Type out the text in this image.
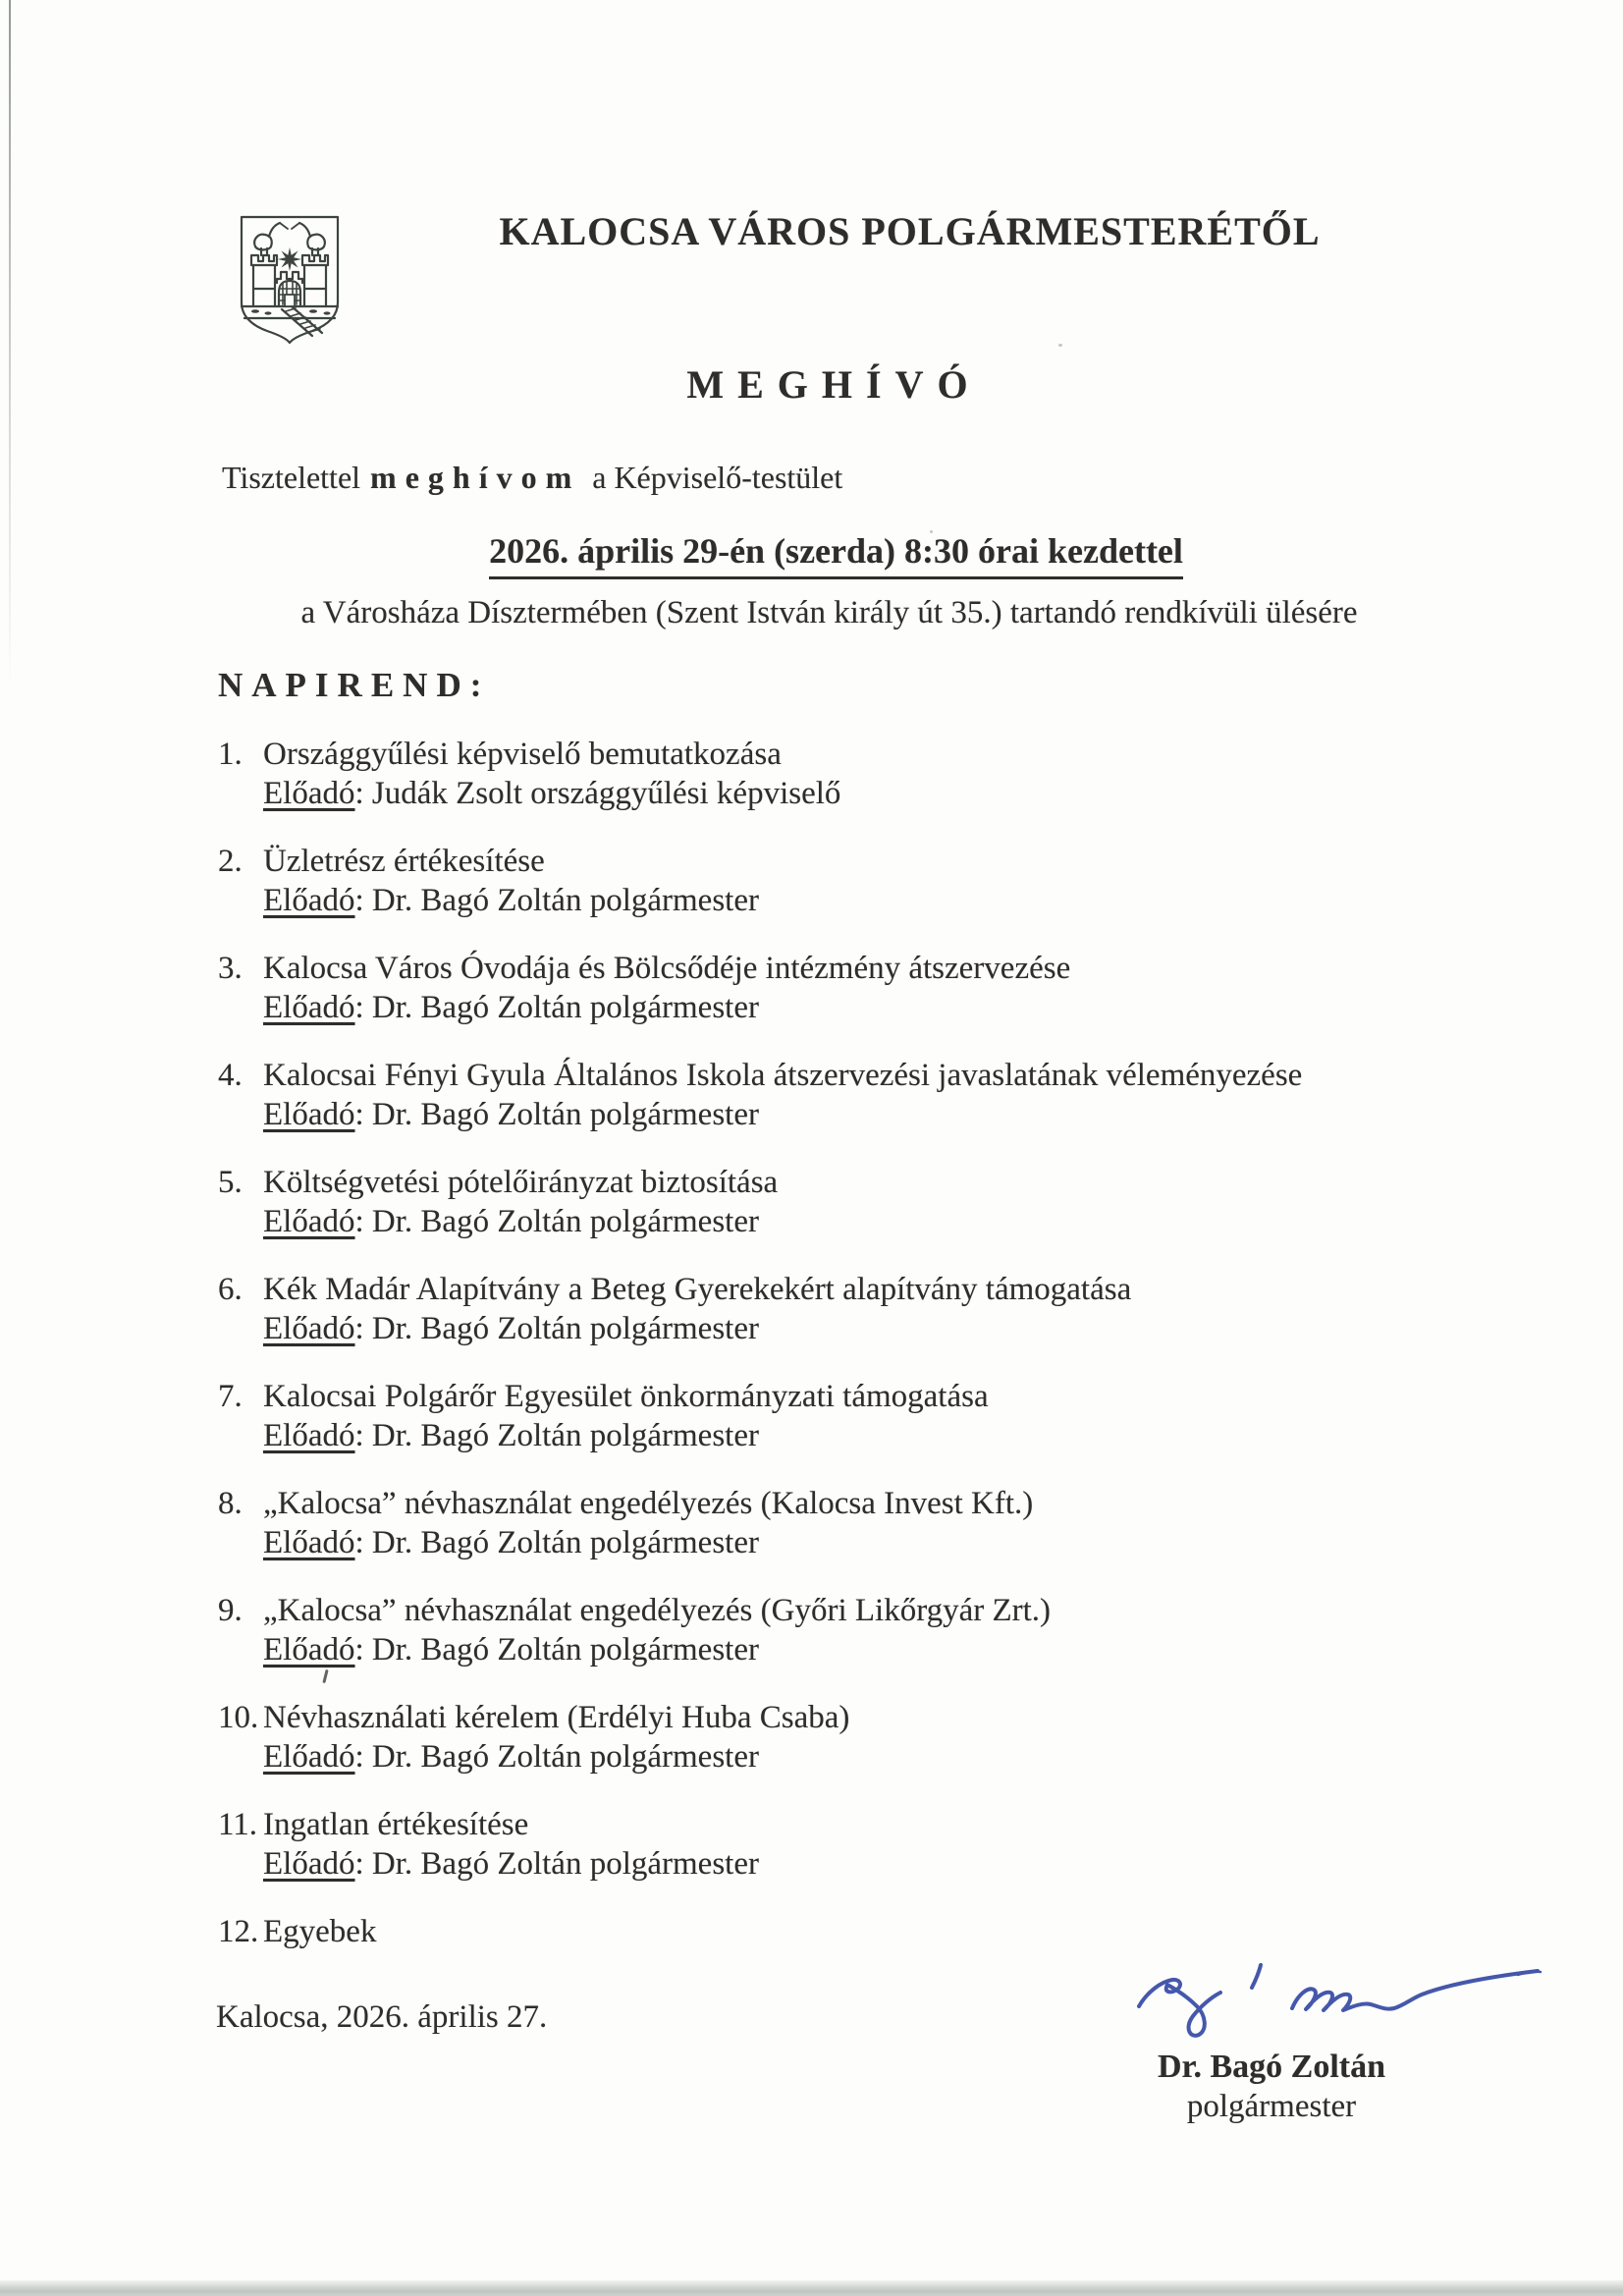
KALOCSA VÁROS POLGÁRMESTERÉTŐL
MEGHÍVÓ
Tisztelettel meghívom a Képviselő-testület
2026. április 29-én (szerda) 8:30 órai kezdettel
a Városháza Dísztermében (Szent István király út 35.) tartandó rendkívüli ülésére
NAPIREND:
1. Országgyűlési képviselő bemutatkozása
Előadó: Judák Zsolt országgyűlési képviselő
2. Üzletrész értékesítése
Előadó: Dr. Bagó Zoltán polgármester
3. Kalocsa Város Óvodája és Bölcsődéje intézmény átszervezése
Előadó: Dr. Bagó Zoltán polgármester
4. Kalocsai Fényi Gyula Általános Iskola átszervezési javaslatának véleményezése
Előadó: Dr. Bagó Zoltán polgármester
5. Költségvetési pótelőirányzat biztosítása
Előadó: Dr. Bagó Zoltán polgármester
6. Kék Madár Alapítvány a Beteg Gyerekekért alapítvány támogatása
Előadó: Dr. Bagó Zoltán polgármester
7. Kalocsai Polgárőr Egyesület önkormányzati támogatása
Előadó: Dr. Bagó Zoltán polgármester
8. „Kalocsa” névhasználat engedélyezés (Kalocsa Invest Kft.)
Előadó: Dr. Bagó Zoltán polgármester
9. „Kalocsa” névhasználat engedélyezés (Győri Likőrgyár Zrt.)
Előadó: Dr. Bagó Zoltán polgármester
10. Névhasználati kérelem (Erdélyi Huba Csaba)
Előadó: Dr. Bagó Zoltán polgármester
11. Ingatlan értékesítése
Előadó: Dr. Bagó Zoltán polgármester
12. Egyebek
Kalocsa, 2026. április 27.
Dr. Bagó Zoltán
polgármester
